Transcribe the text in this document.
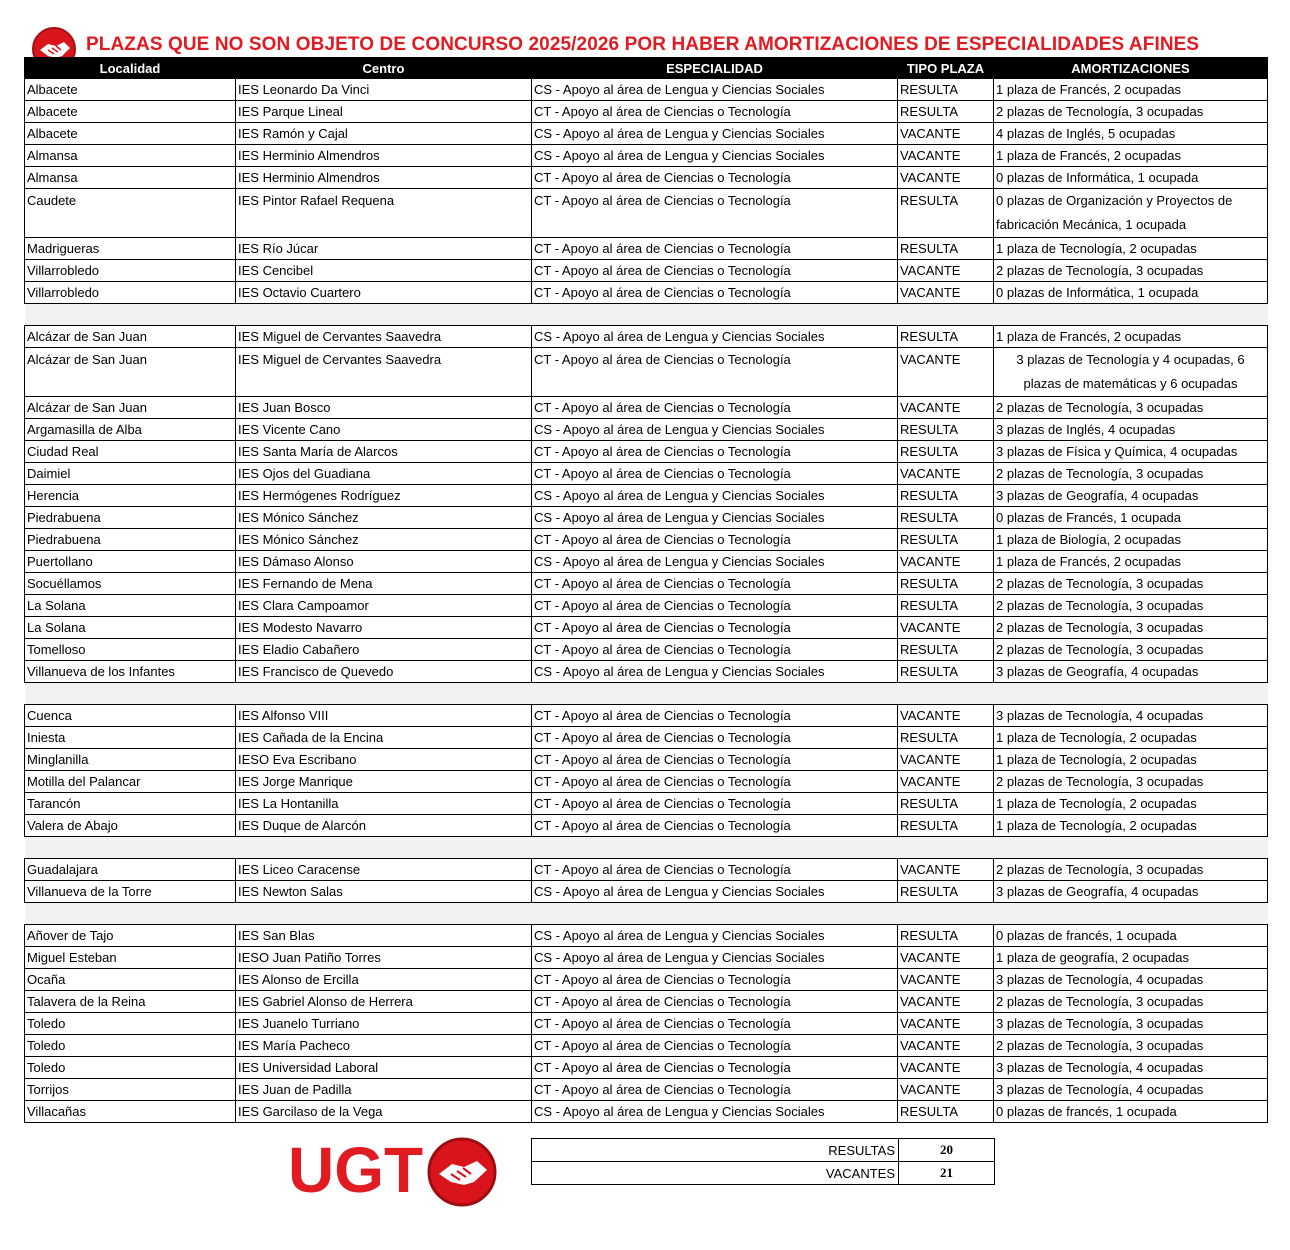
PLAZAS QUE NO SON OBJETO DE CONCURSO 2025/2026 POR HABER AMORTIZACIONES DE ESPECIALIDADES AFINES
Localidad	Centro	ESPECIALIDAD	TIPO PLAZA	AMORTIZACIONES
Albacete	IES Leonardo Da Vinci	CS - Apoyo al área de Lengua y Ciencias Sociales	RESULTA	1 plaza de Francés, 2 ocupadas
Albacete	IES Parque Lineal	CT - Apoyo al área de Ciencias o Tecnología	RESULTA	2 plazas de Tecnología, 3 ocupadas
Albacete	IES Ramón y Cajal	CS - Apoyo al área de Lengua y Ciencias Sociales	VACANTE	4 plazas de Inglés, 5 ocupadas
Almansa	IES Herminio Almendros	CS - Apoyo al área de Lengua y Ciencias Sociales	VACANTE	1 plaza de Francés, 2 ocupadas
Almansa	IES Herminio Almendros	CT - Apoyo al área de Ciencias o Tecnología	VACANTE	0 plazas de Informática, 1 ocupada
Caudete	IES Pintor Rafael Requena	CT - Apoyo al área de Ciencias o Tecnología	RESULTA	0 plazas de Organización y Proyectos de fabricación Mecánica, 1 ocupada
Madrigueras	IES Río Júcar	CT - Apoyo al área de Ciencias o Tecnología	RESULTA	1 plaza de Tecnología, 2 ocupadas
Villarrobledo	IES Cencibel	CT - Apoyo al área de Ciencias o Tecnología	VACANTE	2 plazas de Tecnología, 3 ocupadas
Villarrobledo	IES Octavio Cuartero	CT - Apoyo al área de Ciencias o Tecnología	VACANTE	0 plazas de Informática, 1 ocupada

Alcázar de San Juan	IES Miguel de Cervantes Saavedra	CS - Apoyo al área de Lengua y Ciencias Sociales	RESULTA	1 plaza de Francés, 2 ocupadas
Alcázar de San Juan	IES Miguel de Cervantes Saavedra	CT - Apoyo al área de Ciencias o Tecnología	VACANTE	3 plazas de Tecnología y 4 ocupadas, 6 plazas de matemáticas y 6 ocupadas
Alcázar de San Juan	IES Juan Bosco	CT - Apoyo al área de Ciencias o Tecnología	VACANTE	2 plazas de Tecnología, 3 ocupadas
Argamasilla de Alba	IES Vicente Cano	CS - Apoyo al área de Lengua y Ciencias Sociales	RESULTA	3 plazas de Inglés, 4 ocupadas
Ciudad Real	IES Santa María de Alarcos	CT - Apoyo al área de Ciencias o Tecnología	RESULTA	3 plazas de Física y Química, 4 ocupadas
Daimiel	IES Ojos del Guadiana	CT - Apoyo al área de Ciencias o Tecnología	VACANTE	2 plazas de Tecnología, 3 ocupadas
Herencia	IES Hermógenes Rodríguez	CS - Apoyo al área de Lengua y Ciencias Sociales	RESULTA	3 plazas de Geografía, 4 ocupadas
Piedrabuena	IES Mónico Sánchez	CS - Apoyo al área de Lengua y Ciencias Sociales	RESULTA	0 plazas de Francés, 1 ocupada
Piedrabuena	IES Mónico Sánchez	CT - Apoyo al área de Ciencias o Tecnología	RESULTA	1 plaza de Biología, 2 ocupadas
Puertollano	IES Dámaso Alonso	CS - Apoyo al área de Lengua y Ciencias Sociales	VACANTE	1 plaza de Francés, 2 ocupadas
Socuéllamos	IES Fernando de Mena	CT - Apoyo al área de Ciencias o Tecnología	RESULTA	2 plazas de Tecnología, 3 ocupadas
La Solana	IES Clara Campoamor	CT - Apoyo al área de Ciencias o Tecnología	RESULTA	2 plazas de Tecnología, 3 ocupadas
La Solana	IES Modesto Navarro	CT - Apoyo al área de Ciencias o Tecnología	VACANTE	2 plazas de Tecnología, 3 ocupadas
Tomelloso	IES Eladio Cabañero	CT - Apoyo al área de Ciencias o Tecnología	RESULTA	2 plazas de Tecnología, 3 ocupadas
Villanueva de los Infantes	IES Francisco de Quevedo	CS - Apoyo al área de Lengua y Ciencias Sociales	RESULTA	3 plazas de Geografía, 4 ocupadas

Cuenca	IES Alfonso VIII	CT - Apoyo al área de Ciencias o Tecnología	VACANTE	3 plazas de Tecnología, 4 ocupadas
Iniesta	IES Cañada de la Encina	CT - Apoyo al área de Ciencias o Tecnología	RESULTA	1 plaza de Tecnología, 2 ocupadas
Minglanilla	IESO Eva Escribano	CT - Apoyo al área de Ciencias o Tecnología	VACANTE	1 plaza de Tecnología, 2 ocupadas
Motilla del Palancar	IES Jorge Manrique	CT - Apoyo al área de Ciencias o Tecnología	VACANTE	2 plazas de Tecnología, 3 ocupadas
Tarancón	IES La Hontanilla	CT - Apoyo al área de Ciencias o Tecnología	RESULTA	1 plaza de Tecnología, 2 ocupadas
Valera de Abajo	IES Duque de Alarcón	CT - Apoyo al área de Ciencias o Tecnología	RESULTA	1 plaza de Tecnología, 2 ocupadas

Guadalajara	IES Liceo Caracense	CT - Apoyo al área de Ciencias o Tecnología	VACANTE	2 plazas de Tecnología, 3 ocupadas
Villanueva de la Torre	IES Newton Salas	CS - Apoyo al área de Lengua y Ciencias Sociales	RESULTA	3 plazas de Geografía, 4 ocupadas

Añover de Tajo	IES San Blas	CS - Apoyo al área de Lengua y Ciencias Sociales	RESULTA	0 plazas de francés, 1 ocupada
Miguel Esteban	IESO Juan Patiño Torres	CS - Apoyo al área de Lengua y Ciencias Sociales	VACANTE	1 plaza de geografía, 2 ocupadas
Ocaña	IES Alonso de Ercilla	CT - Apoyo al área de Ciencias o Tecnología	VACANTE	3 plazas de Tecnología, 4 ocupadas
Talavera de la Reina	IES Gabriel Alonso de Herrera	CT - Apoyo al área de Ciencias o Tecnología	VACANTE	2 plazas de Tecnología, 3 ocupadas
Toledo	IES Juanelo Turriano	CT - Apoyo al área de Ciencias o Tecnología	VACANTE	3 plazas de Tecnología, 3 ocupadas
Toledo	IES María Pacheco	CT - Apoyo al área de Ciencias o Tecnología	VACANTE	2 plazas de Tecnología, 3 ocupadas
Toledo	IES Universidad Laboral	CT - Apoyo al área de Ciencias o Tecnología	VACANTE	3 plazas de Tecnología, 4 ocupadas
Torrijos	IES Juan de Padilla	CT - Apoyo al área de Ciencias o Tecnología	VACANTE	3 plazas de Tecnología, 4 ocupadas
Villacañas	IES Garcilaso de la Vega	CS - Apoyo al área de Lengua y Ciencias Sociales	RESULTA	0 plazas de francés, 1 ocupada
UGT	RESULTAS	20
VACANTES	21
